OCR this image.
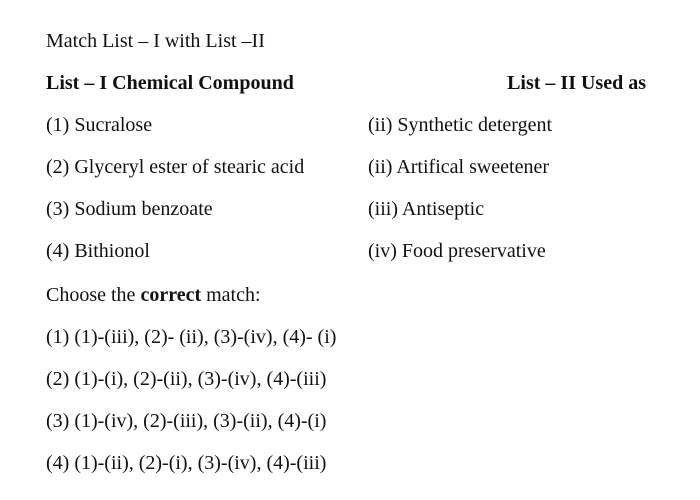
Match List – I with List –II
List – I Chemical Compound	List – II Used as
(1) Sucralose	(ii) Synthetic detergent
(2) Glyceryl ester of stearic acid	(ii) Artifical sweetener
(3) Sodium benzoate	(iii) Antiseptic
(4) Bithionol	(iv) Food preservative
Choose the correct match:
(1) (1)-(iii), (2)- (ii), (3)-(iv), (4)- (i)
(2) (1)-(i), (2)-(ii), (3)-(iv), (4)-(iii)
(3) (1)-(iv), (2)-(iii), (3)-(ii), (4)-(i)
(4) (1)-(ii), (2)-(i), (3)-(iv), (4)-(iii)
